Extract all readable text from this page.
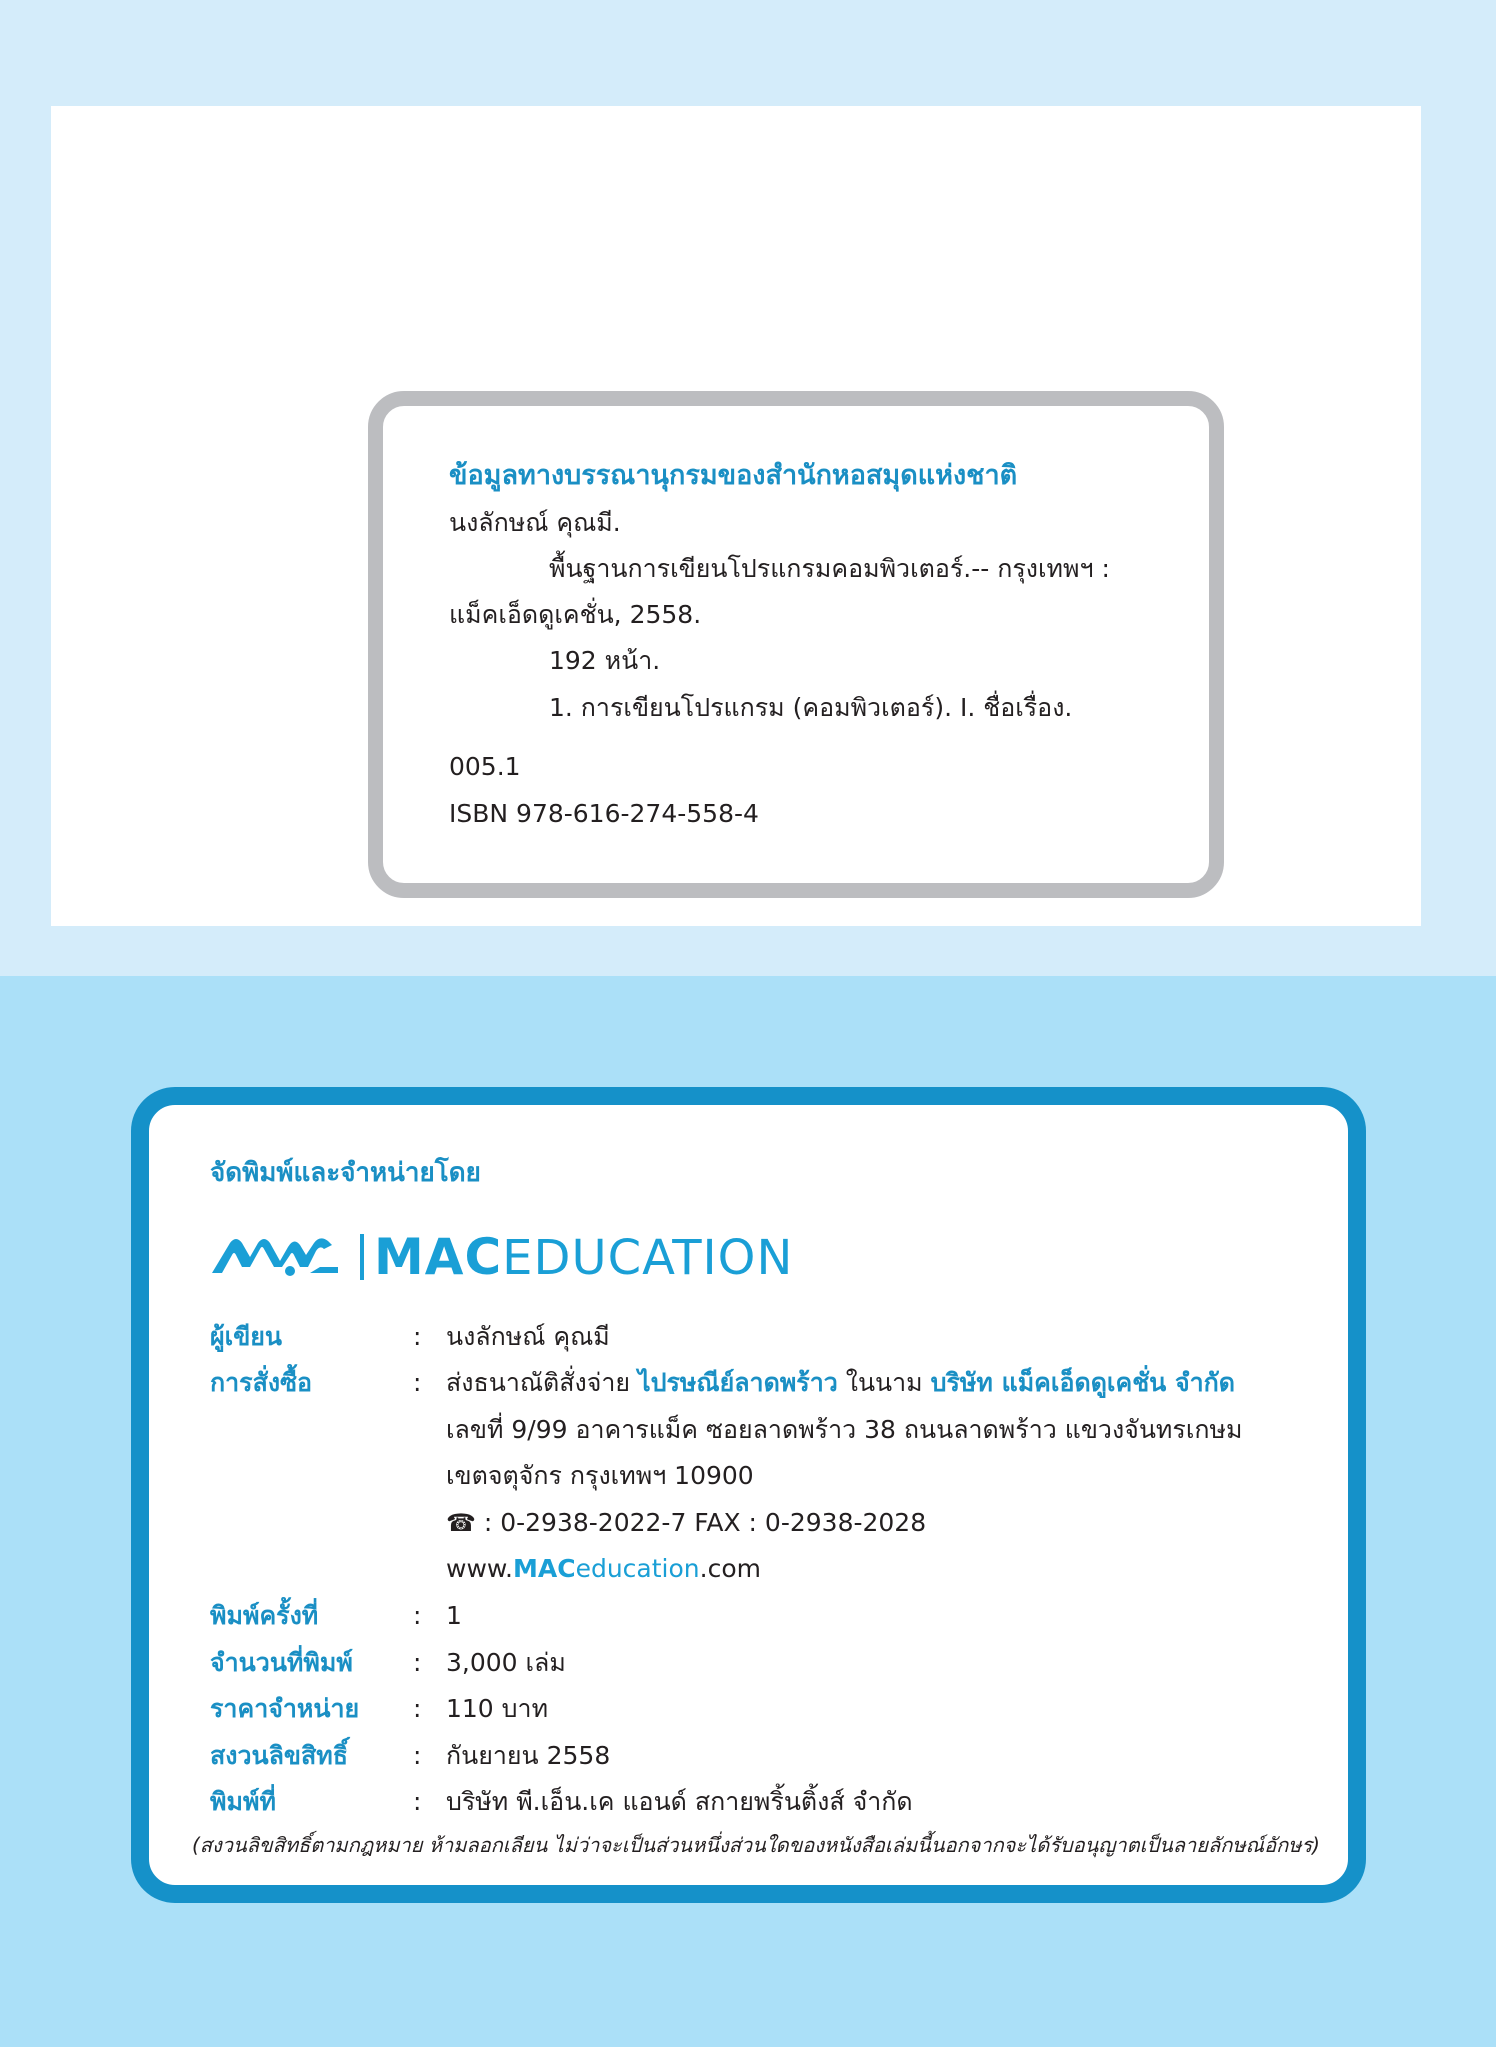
ข้อมูลทางบรรณานุกรมของสำนักหอสมุดแห่งชาติ
นงลักษณ์ คุณมี.
พื้นฐานการเขียนโปรแกรมคอมพิวเตอร์.-- กรุงเทพฯ :
แม็คเอ็ดดูเคชั่น, 2558.
192 หน้า.
1. การเขียนโปรแกรม (คอมพิวเตอร์). I. ชื่อเรื่อง.
005.1
ISBN 978-616-274-558-4
จัดพิมพ์และจำหน่ายโดย
MACEDUCATION
ผู้เขียน	: นงลักษณ์ คุณมี
การสั่งซื้อ	: ส่งธนาณัติสั่งจ่าย ไปรษณีย์ลาดพร้าว ในนาม บริษัท แม็คเอ็ดดูเคชั่น จำกัด
เลขที่ 9/99 อาคารแม็ค ซอยลาดพร้าว 38 ถนนลาดพร้าว แขวงจันทรเกษม
เขตจตุจักร กรุงเทพฯ 10900
☎ : 0-2938-2022-7 FAX : 0-2938-2028
www.MACeducation.com
พิมพ์ครั้งที่	: 1
จำนวนที่พิมพ์ : 3,000 เล่ม
ราคาจำหน่าย : 110 บาท
สงวนลิขสิทธิ์	: กันยายน 2558
พิมพ์ที่	: บริษัท พี.เอ็น.เค แอนด์ สกายพริ้นติ้งส์ จำกัด
(สงวนลิขสิทธิ์ตามกฎหมาย ห้ามลอกเลียน ไม่ว่าจะเป็นส่วนหนึ่งส่วนใดของหนังสือเล่มนี้นอกจากจะได้รับอนุญาตเป็นลายลักษณ์อักษร)
